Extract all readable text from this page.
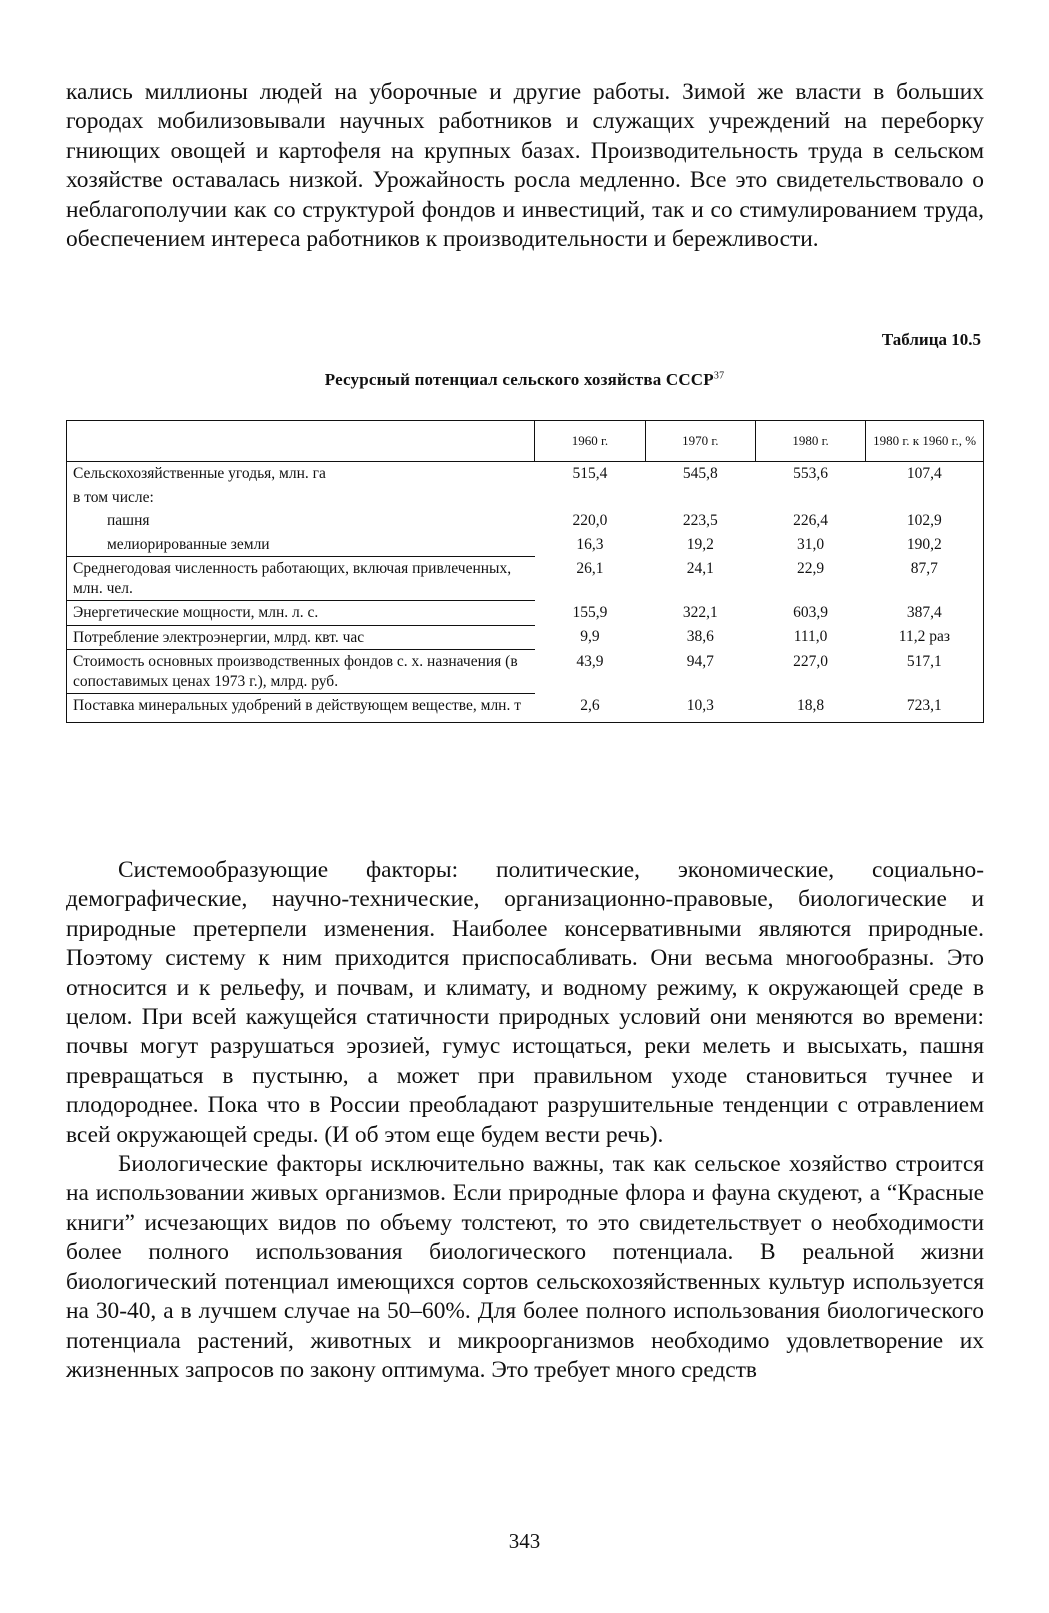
кались миллионы людей на уборочные и другие работы. Зимой же власти в больших городах мобилизовывали научных работников и служащих учреждений на переборку гниющих овощей и картофеля на крупных базах. Производительность труда в сельском хозяйстве оставалась низкой. Урожайность росла медленно. Все это свидетельствовало о неблагополучии как со структурой фондов и инвестиций, так и со стимулированием труда, обеспечением интереса работников к производительности и бережливости.

Таблица 10.5
Ресурсный потенциал сельского хозяйства СССР$^{37}$
	1960 г.	1970 г.	1980 г.	1980 г. к 1960 г., %
Сельскохозяйственные угодья, млн. га	515,4	545,8	553,6	107,4
в том числе:				
пашня	220,0	223,5	226,4	102,9
мелиорированные земли	16,3	19,2	31,0	190,2
Среднегодовая численность работающих, включая привлеченных, млн. чел.	26,1	24,1	22,9	87,7
Энергетические мощности, млн. л. с.	155,9	322,1	603,9	387,4
Потребление электроэнергии, млрд. квт. час	9,9	38,6	111,0	11,2 раз
Стоимость основных производственных фондов с. х. назначения (в сопоставимых ценах 1973 г.), млрд. руб.	43,9	94,7	227,0	517,1
Поставка минеральных удобрений в действующем веществе, млн. т	2,6	10,3	18,8	723,1

Системообразующие факторы: политические, экономические, социально-демографические, научно-технические, организационно-правовые, биологические и природные претерпели изменения. Наиболее консервативными являются природные. Поэтому систему к ним приходится приспосабливать. Они весьма многообразны. Это относится и к рельефу, и почвам, и климату, и водному режиму, к окружающей среде в целом. При всей кажущейся статичности природных условий они меняются во времени: почвы могут разрушаться эрозией, гумус истощаться, реки мелеть и высыхать, пашня превращаться в пустыню, а может при правильном уходе становиться тучнее и плодороднее. Пока что в России преобладают разрушительные тенденции с отравлением всей окружающей среды. (И об этом еще будем вести речь).

Биологические факторы исключительно важны, так как сельское хозяйство строится на использовании живых организмов. Если природные флора и фауна скудеют, а “Красные книги” исчезающих видов по объему толстеют, то это свидетельствует о необходимости более полного использования биологического потенциала. В реальной жизни биологический потенциал имеющихся сортов сельскохозяйственных культур используется на 30-40, а в лучшем случае на 50–60%. Для более полного использования биологического потенциала растений, животных и микроорганизмов необходимо удовлетворение их жизненных запросов по закону оптимума. Это требует много средств

343
